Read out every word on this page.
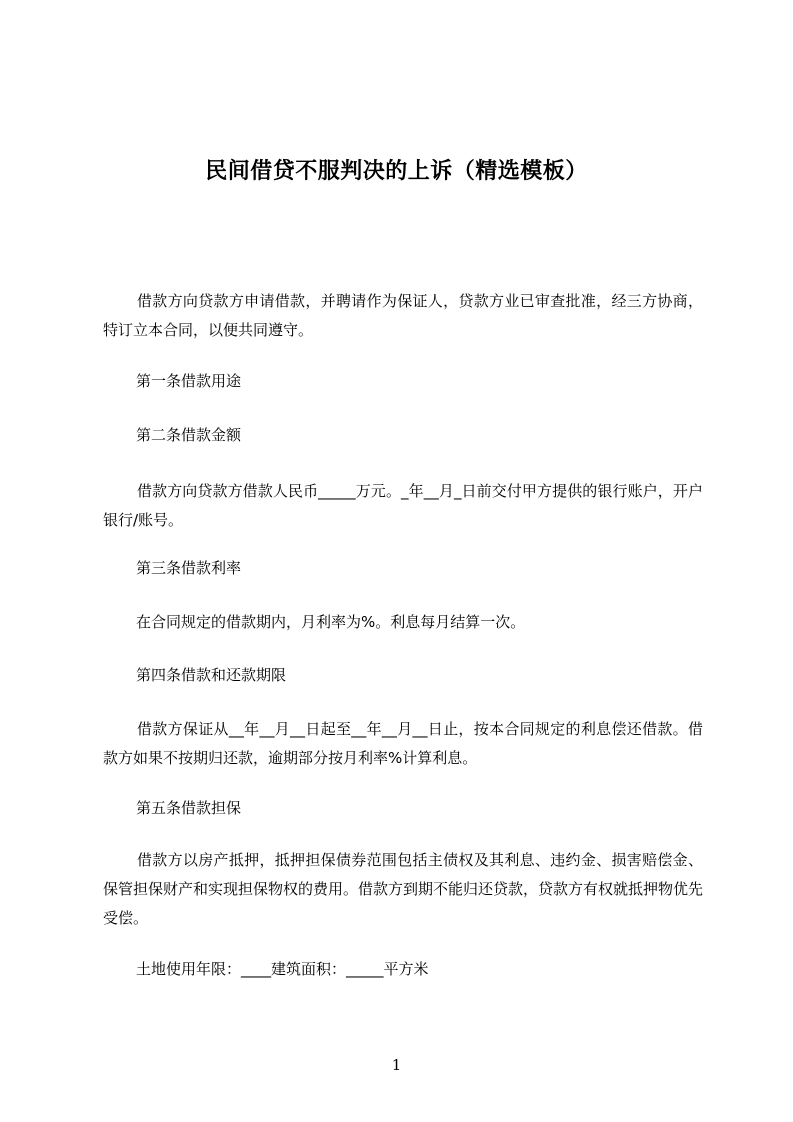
民间借贷不服判决的上诉（精选模板）

借款方向贷款方申请借款，并聘请作为保证人，贷款方业已审查批准，经三方协商，特订立本合同，以便共同遵守。

第一条借款用途

第二条借款金额

借款方向贷款方借款人民币_____万元。_年__月_日前交付甲方提供的银行账户，开户银行/账号。

第三条借款利率

在合同规定的借款期内，月利率为%。利息每月结算一次。

第四条借款和还款期限

借款方保证从__年__月__日起至__年__月__日止，按本合同规定的利息偿还借款。借款方如果不按期归还款，逾期部分按月利率%计算利息。

第五条借款担保

借款方以房产抵押，抵押担保债券范围包括主债权及其利息、违约金、损害赔偿金、保管担保财产和实现担保物权的费用。借款方到期不能归还贷款，贷款方有权就抵押物优先受偿。

土地使用年限：____建筑面积：_____平方米

1
